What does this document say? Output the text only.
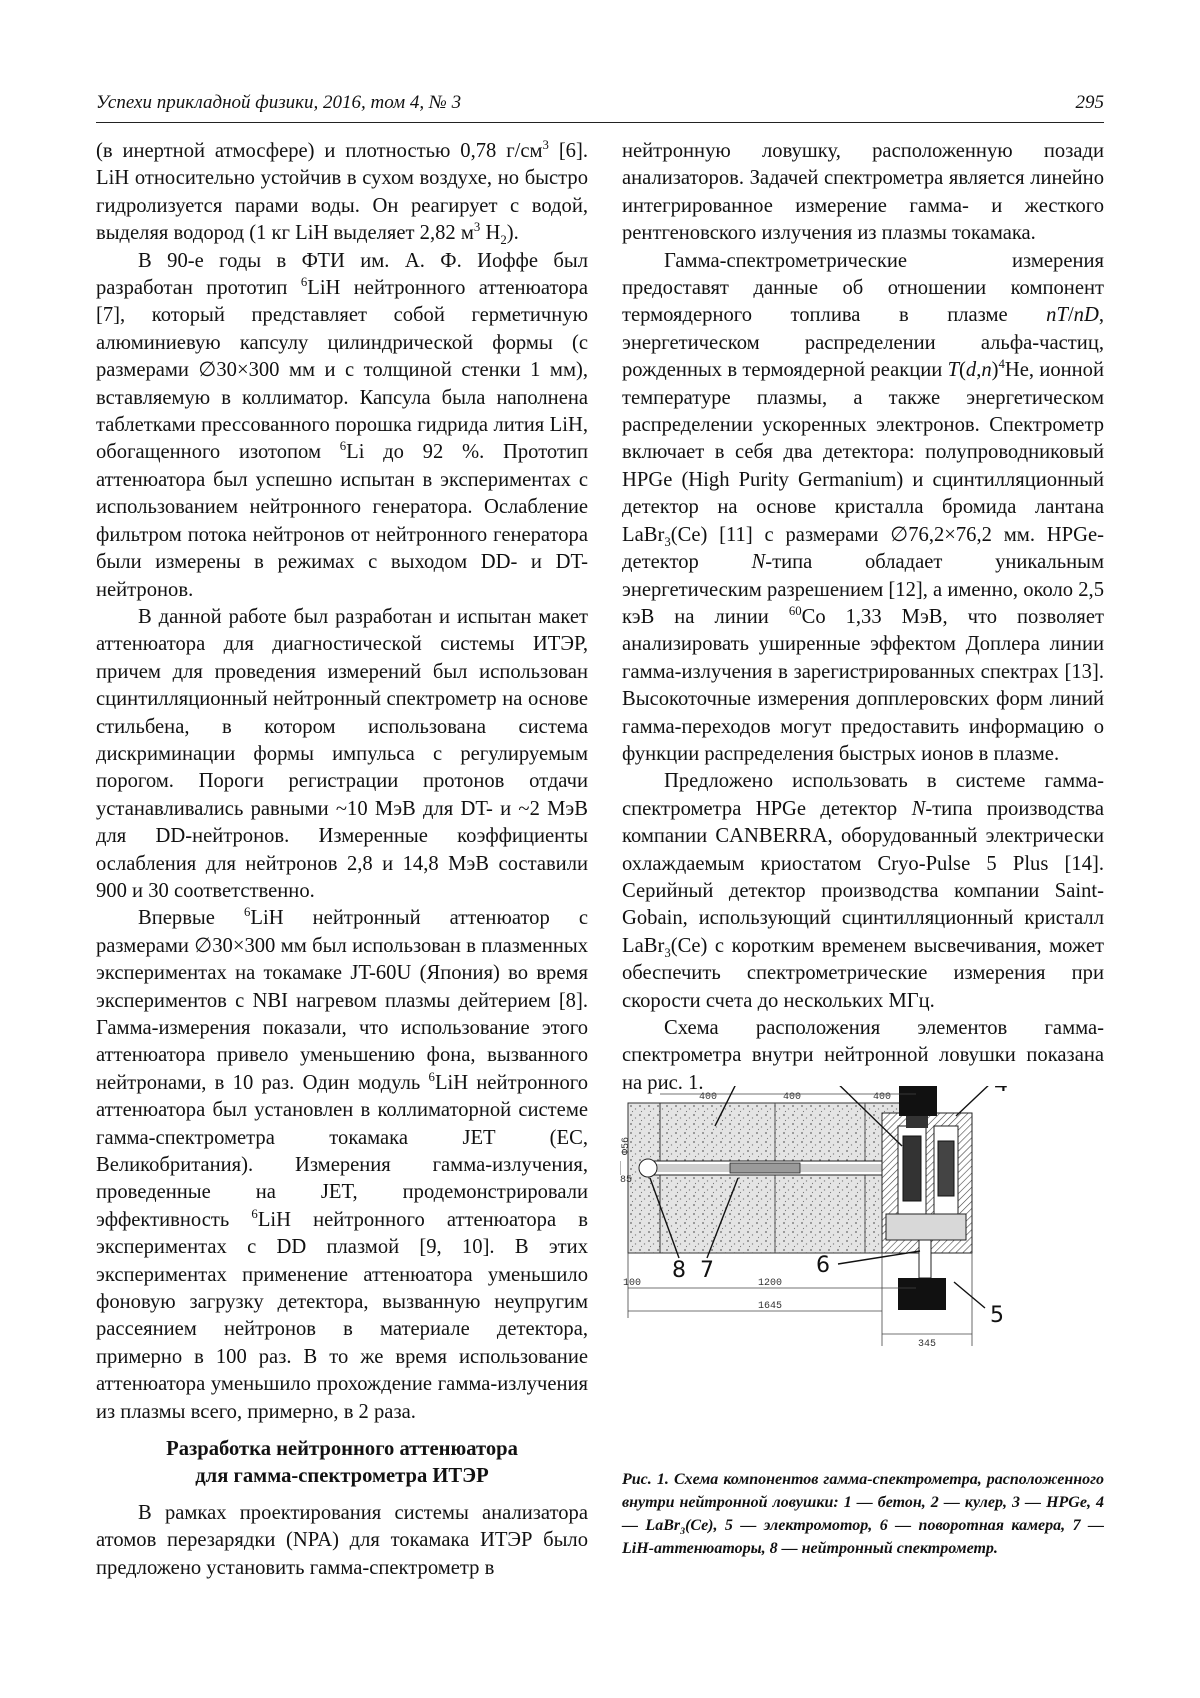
Успехи прикладной физики, 2016, том 4, № 3	295

(в инертной атмосфере) и плотностью 0,78 $г/см^3$ [6]. LiH относительно устойчив в сухом воздухе, но быстро гидролизуется парами воды. Он реагирует с водой, выделяя водород (1 кг LiH выделяет 2,82 $м^3$ $H_2$).

В 90-е годы в ФТИ им. А. Ф. Иоффе был разработан прототип $^6$LiH нейтронного аттенюатора [7], который представляет собой герметичную алюминиевую капсулу цилиндрической формы (с размерами ∅30×300 мм и с толщиной стенки 1 мм), вставляемую в коллиматор. Капсула была наполнена таблетками прессованного порошка гидрида лития LiH, обогащенного изотопом $^6$Li до 92 %. Прототип аттенюатора был успешно испытан в экспериментах с использованием нейтронного генератора. Ослабление фильтром потока нейтронов от нейтронного генератора были измерены в режимах с выходом DD- и DT-нейтронов.

В данной работе был разработан и испытан макет аттенюатора для диагностической системы ИТЭР, причем для проведения измерений был использован сцинтилляционный нейтронный спектрометр на основе стильбена, в котором использована система дискриминации формы импульса с регулируемым порогом. Пороги регистрации протонов отдачи устанавливались равными ~10 МэВ для DT- и ~2 МэВ для DD-нейтронов. Измеренные коэффициенты ослабления для нейтронов 2,8 и 14,8 МэВ составили 900 и 30 соответственно.

Впервые $^6$LiH нейтронный аттенюатор с размерами ∅30×300 мм был использован в плазменных экспериментах на токамаке JT-60U (Япония) во время экспериментов с NBI нагревом плазмы дейтерием [8]. Гамма-измерения показали, что использование этого аттенюатора привело уменьшению фона, вызванного нейтронами, в 10 раз. Один модуль $^6$LiH нейтронного аттенюатора был установлен в коллиматорной системе гамма-спектрометра токамака JET (ЕС, Великобритания). Измерения гамма-излучения, проведенные на JET, продемонстрировали эффективность $^6$LiH нейтронного аттенюатора в экспериментах с DD плазмой [9, 10]. В этих экспериментах применение аттенюатора уменьшило фоновую загрузку детектора, вызванную неупругим рассеянием нейтронов в материале детектора, примерно в 100 раз. В то же время использование аттенюатора уменьшило прохождение гамма-излучения из плазмы всего, примерно, в 2 раза.

Разработка нейтронного аттенюатора
для гамма-спектрометра ИТЭР

В рамках проектирования системы анализатора атомов перезарядки (NPA) для токамака ИТЭР было предложено установить гамма-спектрометр в

нейтронную ловушку, расположенную позади анализаторов. Задачей спектрометра является линейно интегрированное измерение гамма- и жесткого рентгеновского излучения из плазмы токамака.

Гамма-спектрометрические измерения предоставят данные об отношении компонент термоядерного топлива в плазме nT/nD, энергетическом распределении альфа-частиц, рожденных в термоядерной реакции $T(d,n)^4He$, ионной температуре плазмы, а также энергетическом распределении ускоренных электронов. Спектрометр включает в себя два детектора: полупроводниковый HPGe (High Purity Germanium) и сцинтилляционный детектор на основе кристалла бромида лантана LaBr$_3$(Ce) [11] с размерами ∅76,2×76,2 мм. HPGe-детектор N-типа обладает уникальным энергетическим разрешением [12], а именно, около 2,5 кэВ на линии $^{60}$Co 1,33 МэВ, что позволяет анализировать уширенные эффектом Доплера линии гамма-излучения в зарегистрированных спектрах [13]. Высокоточные измерения допплеровских форм линий гамма-переходов могут предоставить информацию о функции распределения быстрых ионов в плазме.

Предложено использовать в системе гамма-спектрометра HPGe детектор N-типа производства компании CANBERRA, оборудованный электрически охлаждаемым криостатом Cryo-Pulse 5 Plus [14]. Серийный детектор производства компании Saint-Gobain, использующий сцинтилляционный кристалл LaBr$_3$(Ce) с коротким временем высвечивания, может обеспечить спектрометрические измерения при скорости счета до нескольких МГц.

Схема расположения элементов гамма-спектрометра внутри нейтронной ловушки показана на рис. 1.

400	400	400
Φ56
85
100	1200
1645
345
5
6
7
8
Рис. 1. Схема компонентов гамма-спектрометра, расположенного внутри нейтронной ловушки: 1 — бетон, 2 — кулер, 3 — HPGe, 4 — LaBr$_3$(Ce), 5 — электромотор, 6 — поворотная камера, 7 — LiH-аттенюаторы, 8 — нейтронный спектрометр.
